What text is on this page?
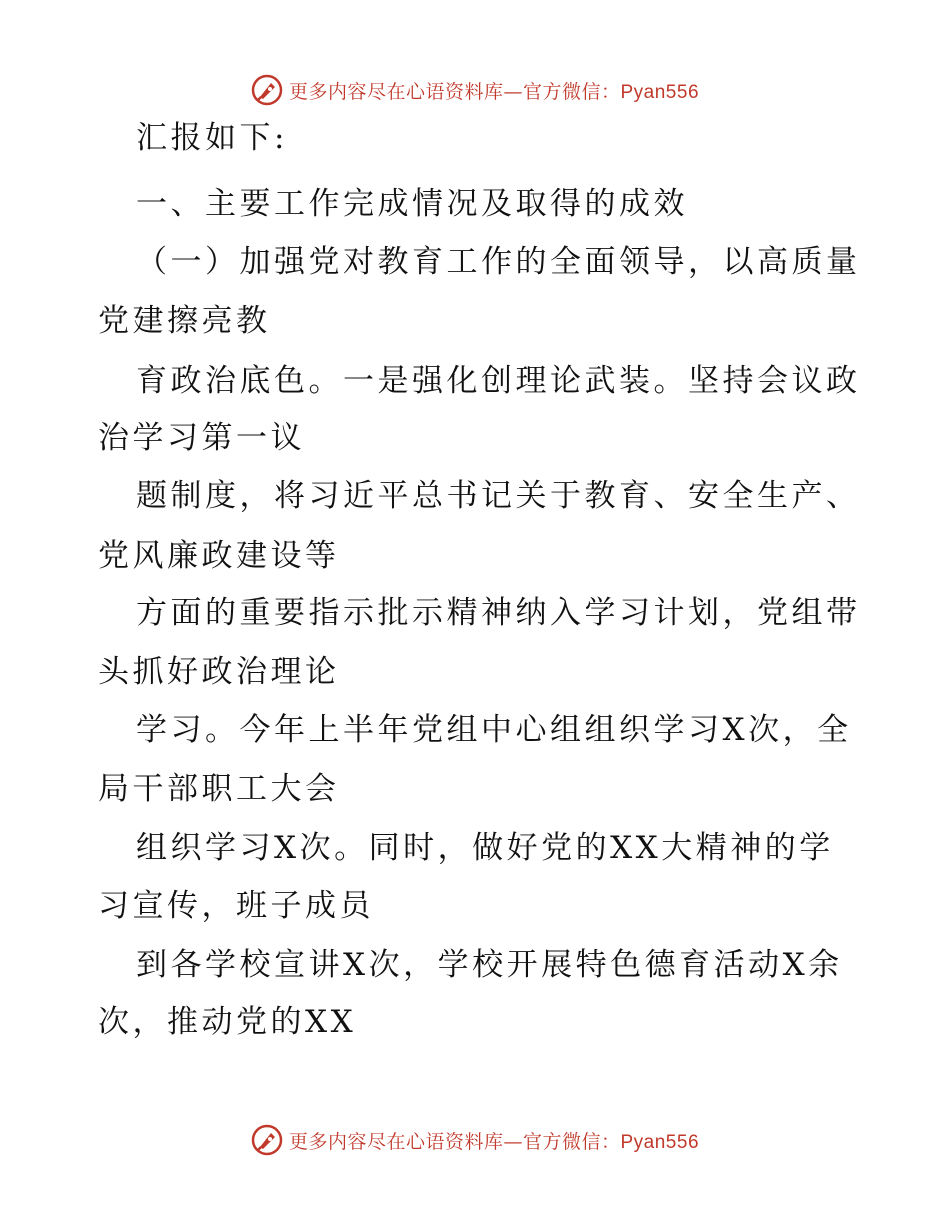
更多内容尽在心语资料库—官方微信：Pyan556
汇报如下:
一、主要工作完成情况及取得的成效
（一）加强党对教育工作的全面领导，以高质量
党建擦亮教
育政治底色。一是强化创理论武装。坚持会议政
治学习第一议
题制度，将习近平总书记关于教育、安全生产、
党风廉政建设等
方面的重要指示批示精神纳入学习计划，党组带
头抓好政治理论
学习。今年上半年党组中心组组织学习X次，全
局干部职工大会
组织学习X次。同时，做好党的XX大精神的学
习宣传，班子成员
到各学校宣讲X次，学校开展特色德育活动X余
次，推动党的XX
更多内容尽在心语资料库—官方微信：Pyan556
